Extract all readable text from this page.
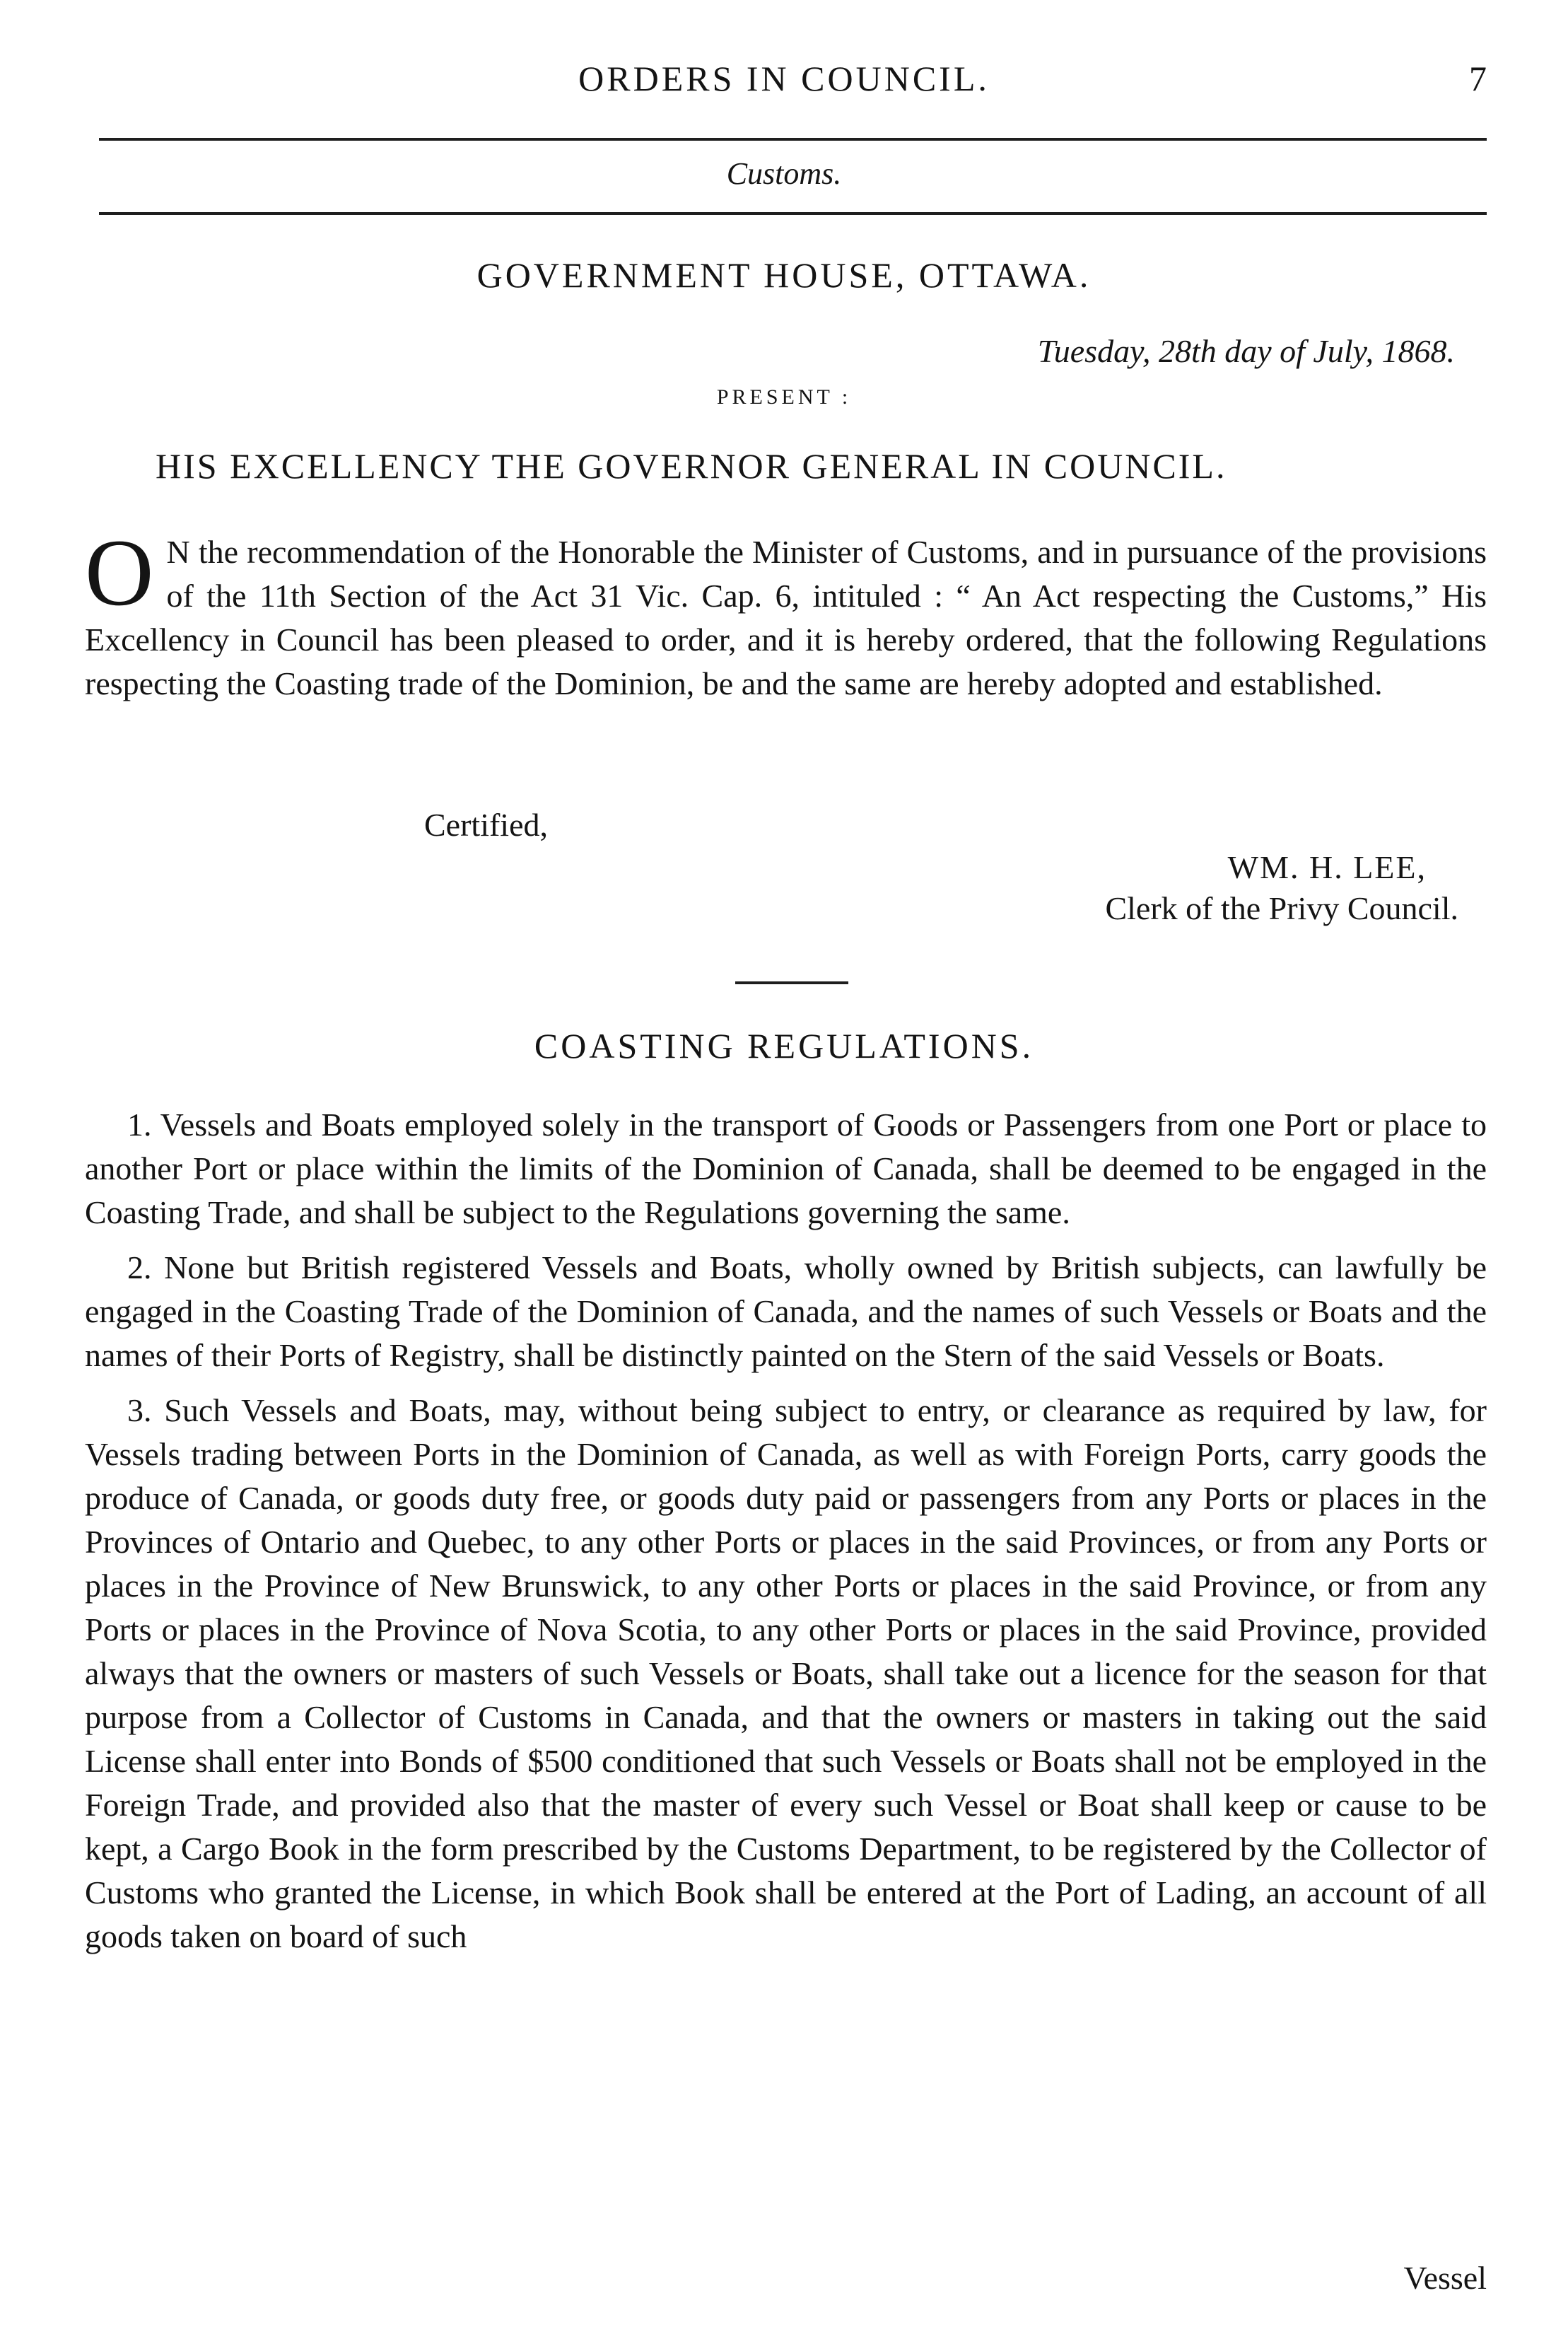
ORDERS IN COUNCIL.	7
Customs.
GOVERNMENT HOUSE, OTTAWA.
Tuesday, 28th day of July, 1868.
PRESENT :
HIS EXCELLENCY THE GOVERNOR GENERAL IN COUNCIL.
O N the recommendation of the Honorable the Minister of Customs, and in pursuance of the provisions of the 11th Section of the Act 31 Vic. Cap. 6, intituled : “ An Act respecting the Customs,” His Excellency in Council has been pleased to order, and it is hereby ordered, that the following Regulations respecting the Coasting trade of the Dominion, be and the same are hereby adopted and established.
Certified,
WM. H. LEE,
Clerk of the Privy Council.
COASTING REGULATIONS.

1. Vessels and Boats employed solely in the transport of Goods or Passengers from one Port or place to another Port or place within the limits of the Dominion of Canada, shall be deemed to be engaged in the Coasting Trade, and shall be subject to the Regulations governing the same.

2. None but British registered Vessels and Boats, wholly owned by British subjects, can lawfully be engaged in the Coasting Trade of the Dominion of Canada, and the names of such Vessels or Boats and the names of their Ports of Registry, shall be distinctly painted on the Stern of the said Vessels or Boats.

3. Such Vessels and Boats, may, without being subject to entry, or clearance as required by law, for Vessels trading between Ports in the Dominion of Canada, as well as with Foreign Ports, carry goods the produce of Canada, or goods duty free, or goods duty paid or passengers from any Ports or places in the Provinces of Ontario and Quebec, to any other Ports or places in the said Provinces, or from any Ports or places in the Province of New Brunswick, to any other Ports or places in the said Province, or from any Ports or places in the Province of Nova Scotia, to any other Ports or places in the said Province, provided always that the owners or masters of such Vessels or Boats, shall take out a licence for the season for that purpose from a Collector of Customs in Canada, and that the owners or masters in taking out the said License shall enter into Bonds of $500 conditioned that such Vessels or Boats shall not be employed in the Foreign Trade, and provided also that the master of every such Vessel or Boat shall keep or cause to be kept, a Cargo Book in the form prescribed by the Customs Department, to be registered by the Collector of Customs who granted the License, in which Book shall be entered at the Port of Lading, an account of all goods taken on board of such

Vessel
